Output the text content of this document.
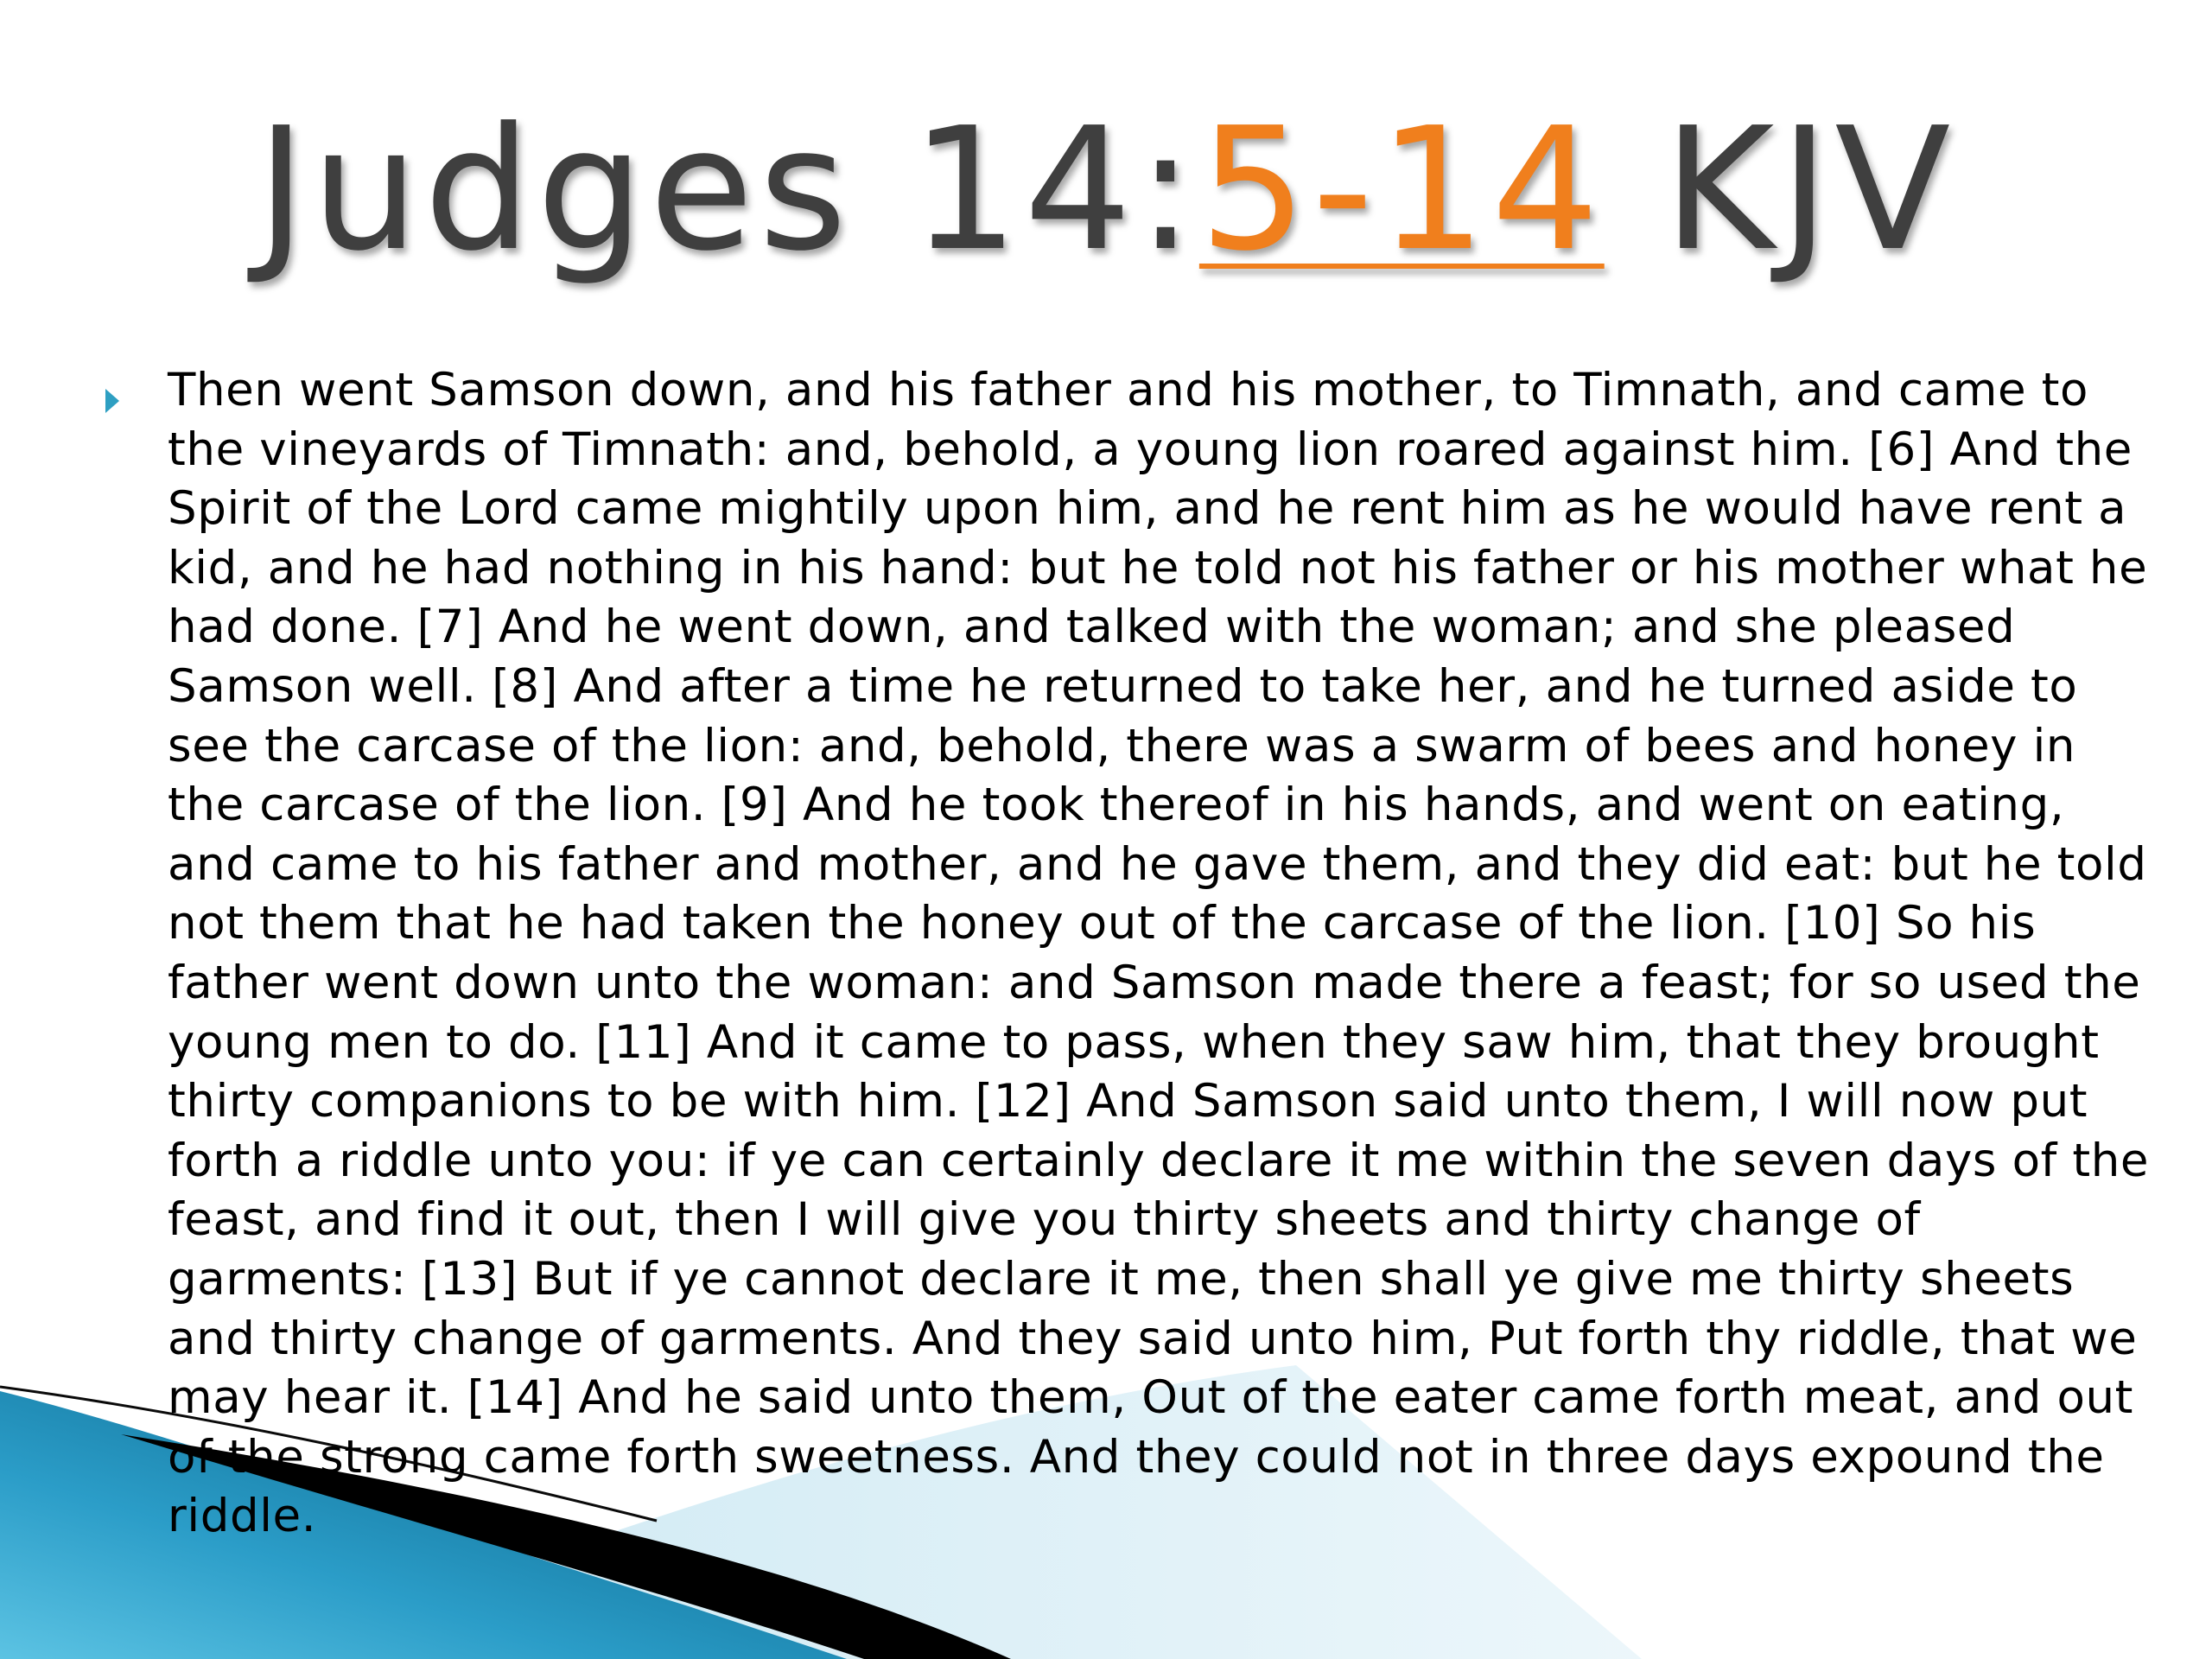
Judges 14:5-14 KJV

Then went Samson down, and his father and his mother, to Timnath, and came to the vineyards of Timnath: and, behold, a young lion roared against him. [6] And the Spirit of the Lord came mightily upon him, and he rent him as he would have rent a kid, and he had nothing in his hand: but he told not his father or his mother what he had done. [7] And he went down, and talked with the woman; and she pleased Samson well. [8] And after a time he returned to take her, and he turned aside to see the carcase of the lion: and, behold, there was a swarm of bees and honey in the carcase of the lion. [9] And he took thereof in his hands, and went on eating, and came to his father and mother, and he gave them, and they did eat: but he told not them that he had taken the honey out of the carcase of the lion. [10] So his father went down unto the woman: and Samson made there a feast; for so used the young men to do. [11] And it came to pass, when they saw him, that they brought thirty companions to be with him. [12] And Samson said unto them, I will now put forth a riddle unto you: if ye can certainly declare it me within the seven days of the feast, and find it out, then I will give you thirty sheets and thirty change of garments: [13] But if ye cannot declare it me, then shall ye give me thirty sheets and thirty change of garments. And they said unto him, Put forth thy riddle, that we may hear it. [14] And he said unto them, Out of the eater came forth meat, and out of the strong came forth sweetness. And they could not in three days expound the riddle.
